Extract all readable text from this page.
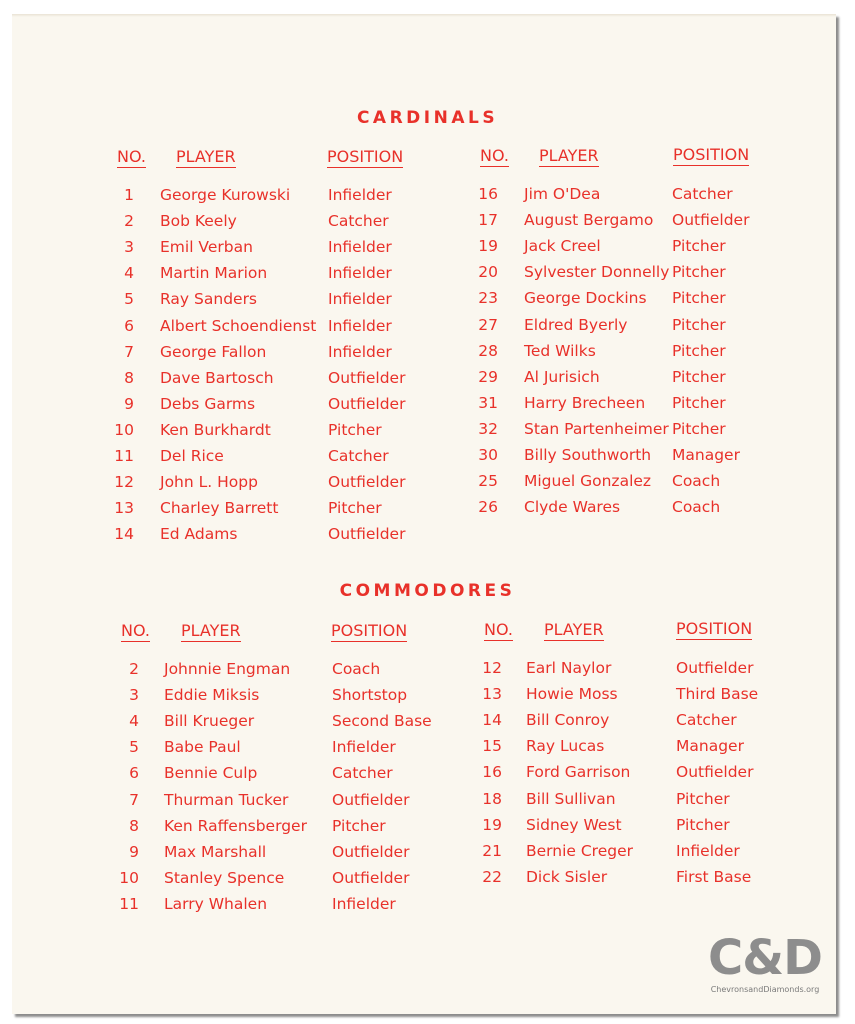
CARDINALS
NO. PLAYER	POSITION	NO. PLAYER	POSITION
1 George Kurowski Infielder
2 Bob Keely	Catcher
3 Emil Verban	Infielder
4 Martin Marion	Infielder
5 Ray Sanders	Infielder
6 Albert Schoendienst Infielder
7 George Fallon	Infielder
8 Dave Bartosch	Outfielder
9 Debs Garms	Outfielder
10 Ken Burkhardt	Pitcher
11 Del Rice	Catcher
12 John L. Hopp	Outfielder
13 Charley Barrett	Pitcher
14 Ed Adams	Outfielder
16 Jim O'Dea	Catcher
17 August Bergamo Outfielder
19 Jack Creel	Pitcher
20 Sylvester Donnelly Pitcher
23 George Dockins Pitcher
27 Eldred Byerly	Pitcher
28 Ted Wilks	Pitcher
29 Al Jurisich	Pitcher
31 Harry Brecheen Pitcher
32 Stan Partenheimer Pitcher
30 Billy Southworth Manager
25 Miguel Gonzalez Coach
26 Clyde Wares	Coach
COMMODORES
NO. PLAYER	POSITION	NO. PLAYER	POSITION
2 Johnnie Engman	Coach
3 Eddie Miksis	Shortstop
4 Bill Krueger	Second Base
5 Babe Paul	Infielder
6 Bennie Culp	Catcher
7 Thurman Tucker	Outfielder
8 Ken Raffensberger Pitcher
9 Max Marshall	Outfielder
10 Stanley Spence	Outfielder
11 Larry Whalen	Infielder
12 Earl Naylor	Outfielder
13 Howie Moss	Third Base
14 Bill Conroy	Catcher
15 Ray Lucas	Manager
16 Ford Garrison	Outfielder
18 Bill Sullivan	Pitcher
19 Sidney West	Pitcher
21 Bernie Creger	Infielder
22 Dick Sisler	First Base
C&D
ChevronsandDiamonds.org
